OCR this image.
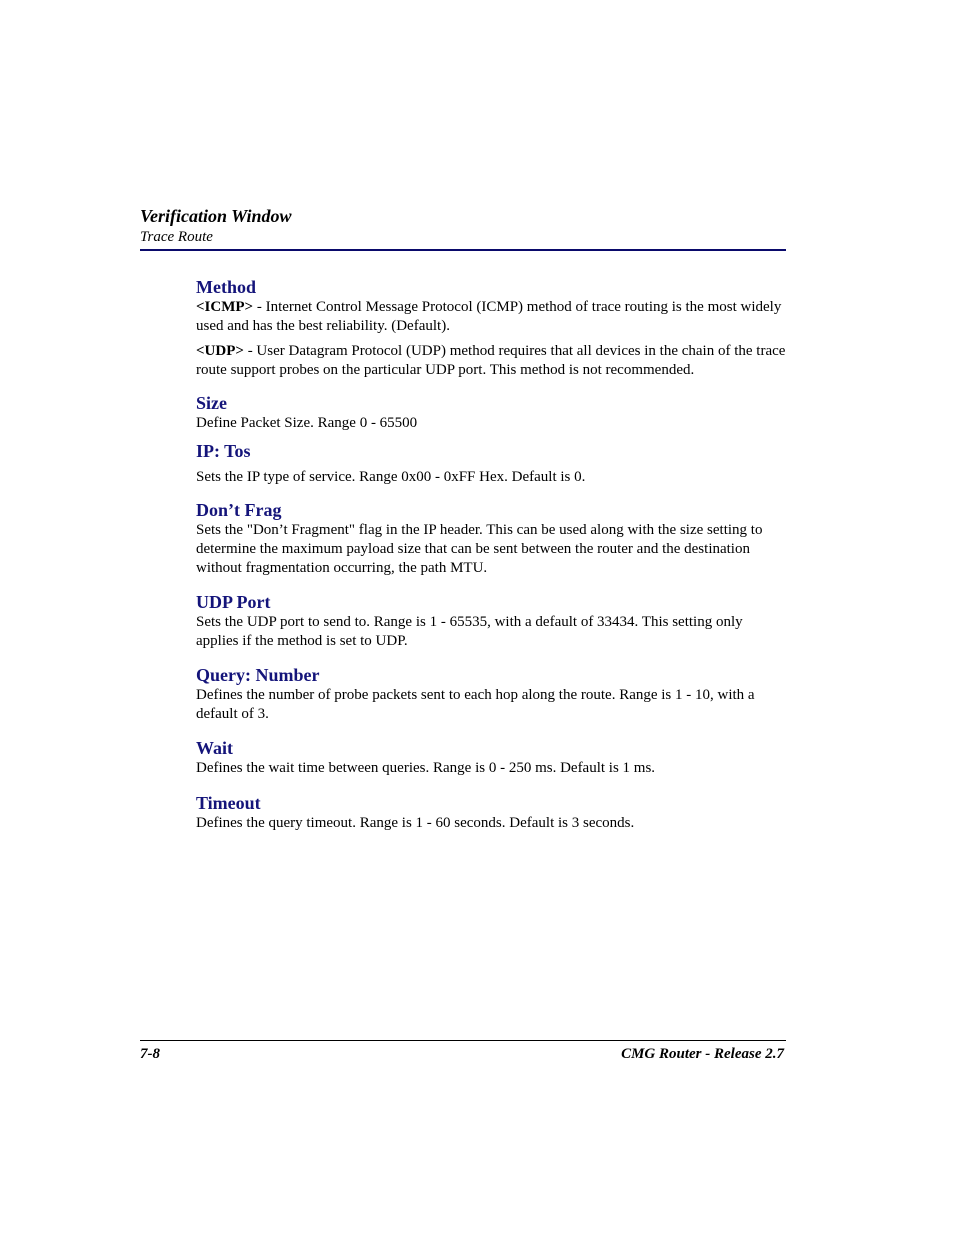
Verification Window
Trace Route
Method

<ICMP> - Internet Control Message Protocol (ICMP) method of trace routing is the most widely used and has the best reliability. (Default).

<UDP> - User Datagram Protocol (UDP) method requires that all devices in the chain of the trace route support probes on the particular UDP port. This method is not recommended.

Size

Define Packet Size. Range 0 - 65500

IP: Tos

Sets the IP type of service. Range 0x00 - 0xFF Hex. Default is 0.

Don’t Frag

Sets the "Don’t Fragment" flag in the IP header. This can be used along with the size setting to determine the maximum payload size that can be sent between the router and the destination without fragmentation occurring, the path MTU.

UDP Port

Sets the UDP port to send to. Range is 1 - 65535, with a default of 33434. This setting only applies if the method is set to UDP.

Query: Number

Defines the number of probe packets sent to each hop along the route. Range is 1 - 10, with a default of 3.

Wait

Defines the wait time between queries. Range is 0 - 250 ms. Default is 1 ms.

Timeout

Defines the query timeout. Range is 1 - 60 seconds. Default is 3 seconds.

7-8	CMG Router - Release 2.7
